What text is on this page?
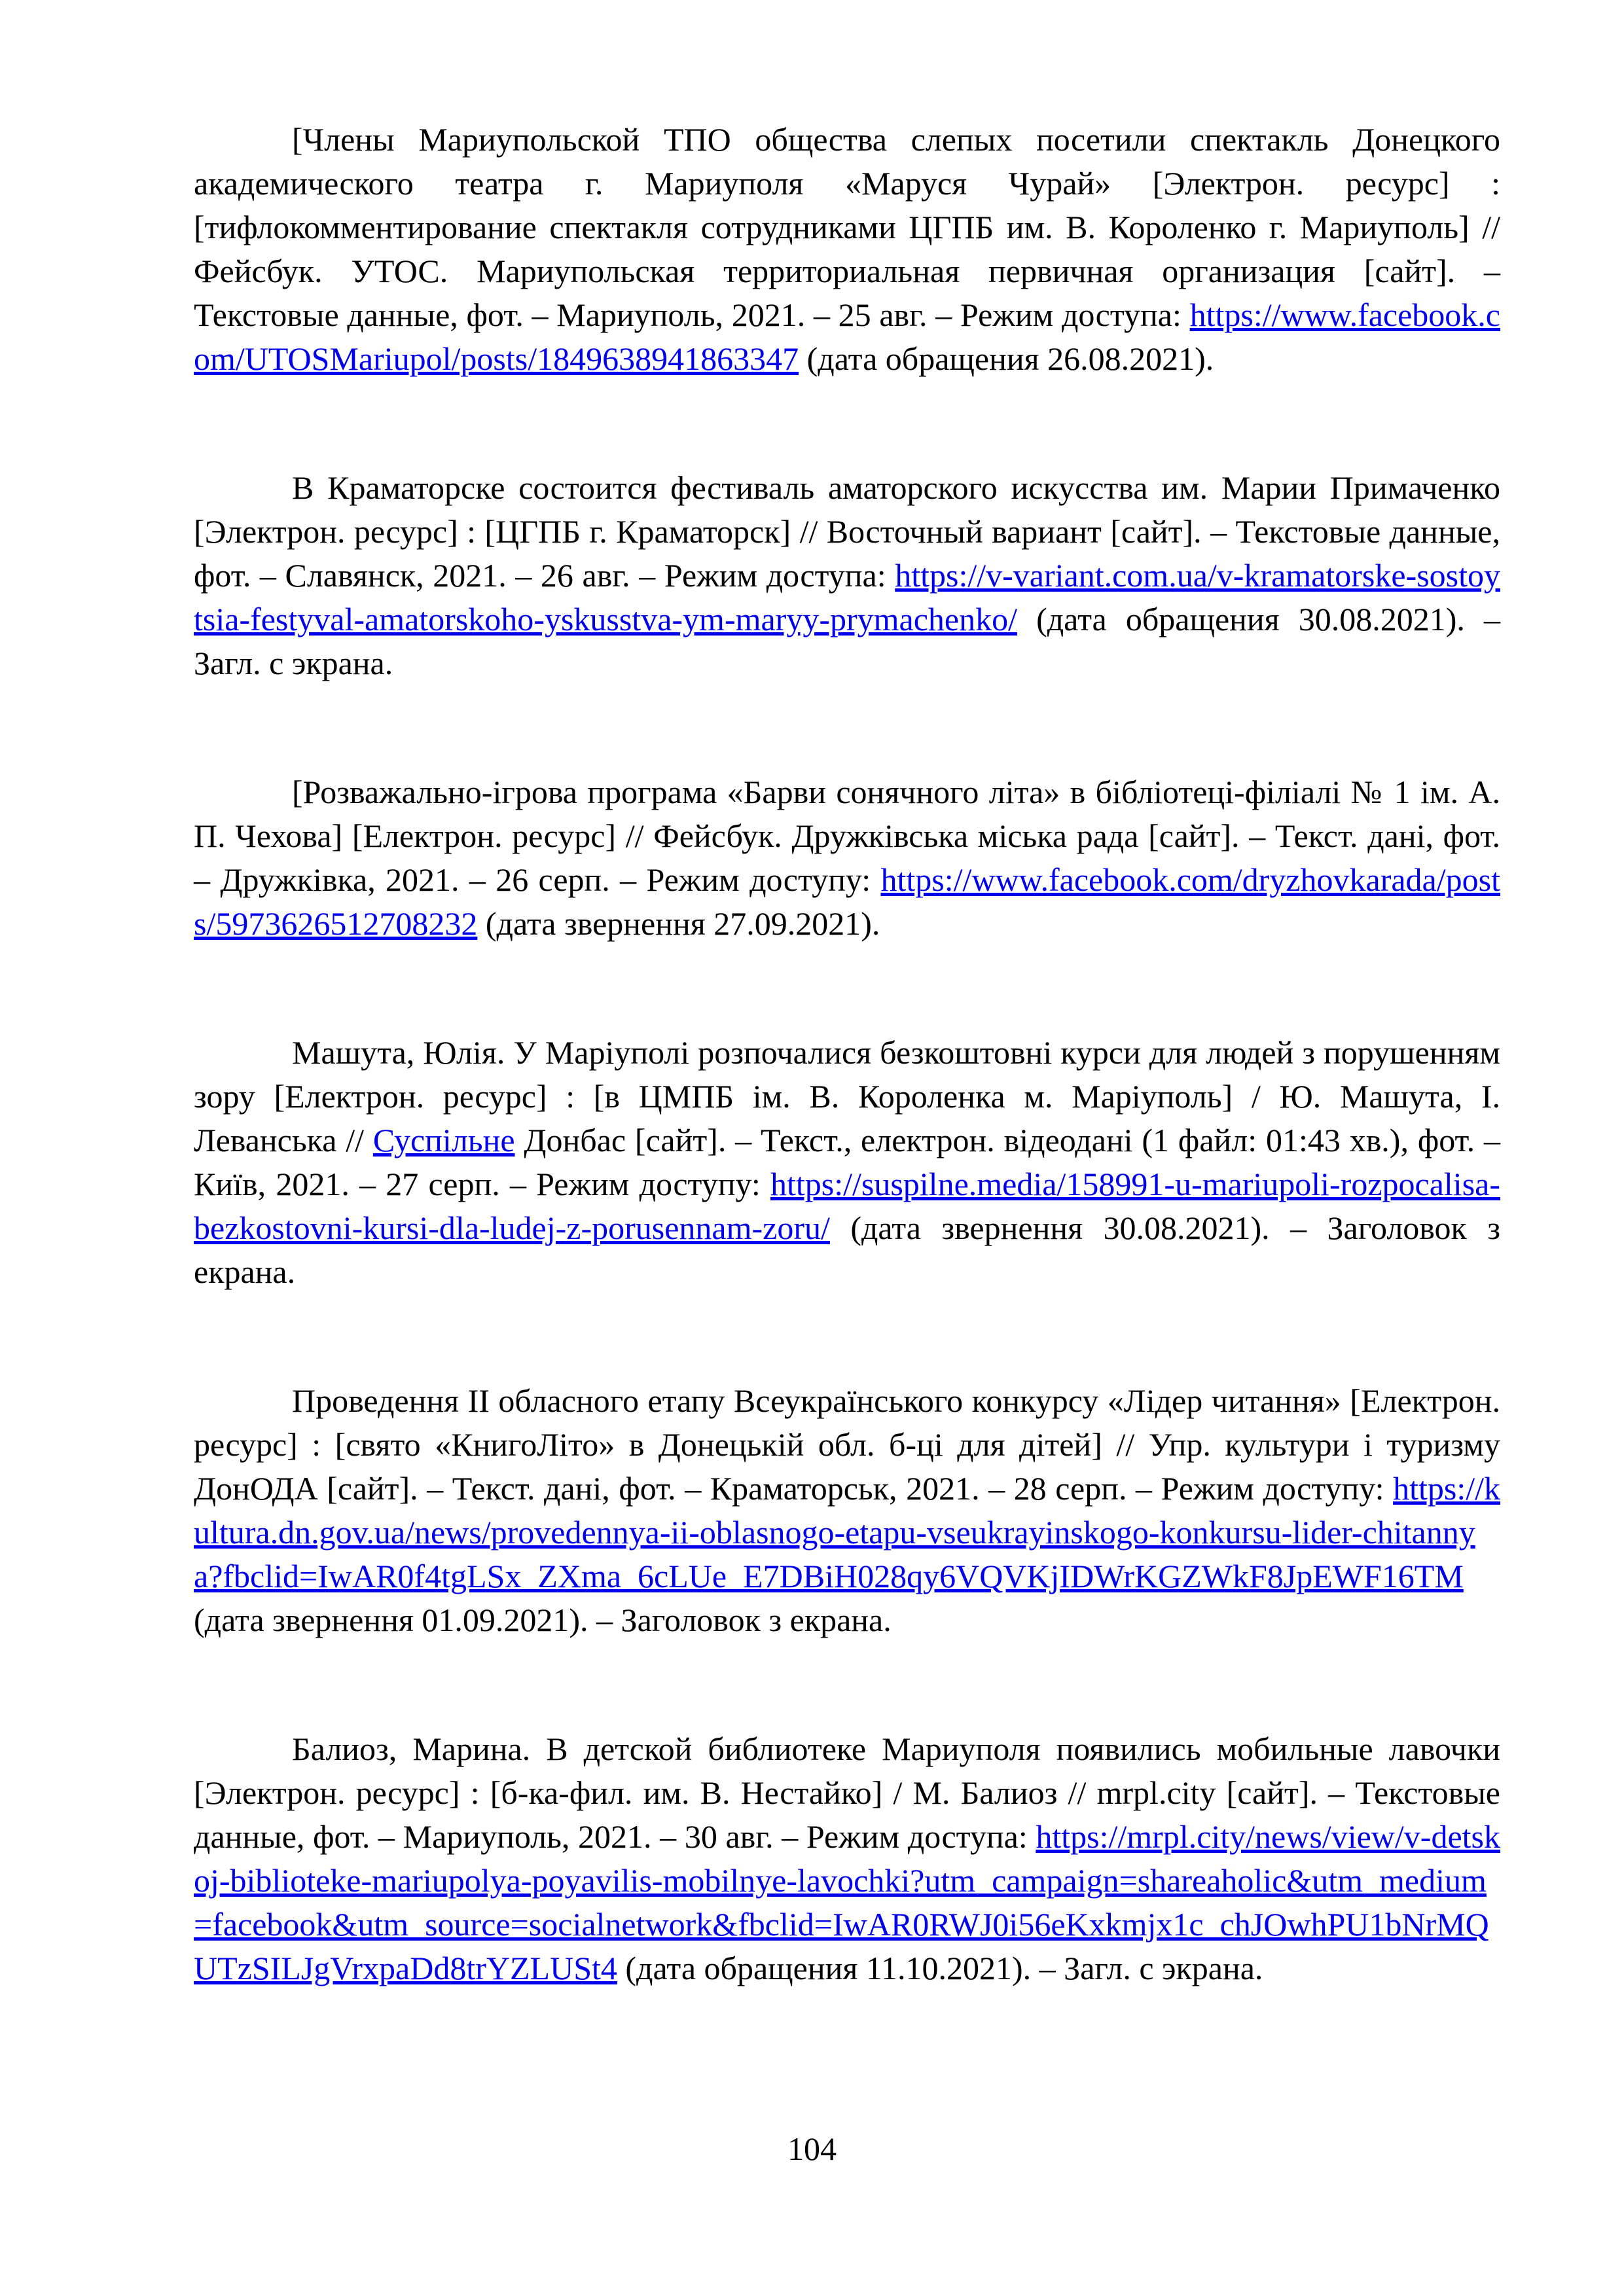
[Члены Мариупольской ТПО общества слепых посетили спектакль Донецкого академического театра г. Мариуполя «Маруся Чурай» [Электрон. ресурс] : [тифлокомментирование спектакля сотрудниками ЦГПБ им. В. Короленко г. Мариуполь] // Фейсбук. УТОС. Мариупольская территориальная первичная организация [сайт]. – Текстовые данные, фот. – Мариуполь, 2021. – 25 авг. – Режим доступа: https://www.facebook.com/UTOSMariupol/posts/1849638941863347 (дата обращения 26.08.2021).

В Краматорске состоится фестиваль аматорского искусства им. Марии Примаченко [Электрон. ресурс] : [ЦГПБ г. Краматорск] // Восточный вариант [сайт]. – Текстовые данные, фот. – Славянск, 2021. – 26 авг. – Режим доступа: https://v-variant.com.ua/v-kramatorske-sostoytsia-festyval-amatorskoho-yskusstva-ym-maryy-prymachenko/ (дата обращения 30.08.2021). – Загл. с экрана.

[Розважально-ігрова програма «Барви сонячного літа» в бібліотеці-філіалі № 1 ім. А. П. Чехова] [Електрон. ресурс] // Фейсбук. Дружківська міська рада [сайт]. – Текст. дані, фот. – Дружківка, 2021. – 26 серп. – Режим доступу: https://www.facebook.com/dryzhovkarada/posts/5973626512708232 (дата звернення 27.09.2021).

Машута, Юлія. У Маріуполі розпочалися безкоштовні курси для людей з порушенням зору [Електрон. ресурс] : [в ЦМПБ ім. В. Короленка м. Маріуполь] / Ю. Машута, І. Леванська // Суспільне Донбас [сайт]. – Текст., електрон. відеодані (1 файл: 01:43 хв.), фот. – Київ, 2021. – 27 серп. – Режим доступу: https://suspilne.media/158991-u-mariupoli-rozpocalisa-bezkostovni-kursi-dla-ludej-z-porusennam-zoru/ (дата звернення 30.08.2021). – Заголовок з екрана.

Проведення II обласного етапу Всеукраїнського конкурсу «Лідер читання» [Електрон. ресурс] : [свято «КнигоЛіто» в Донецькій обл. б-ці для дітей] // Упр. культури і туризму ДонОДА [сайт]. – Текст. дані, фот. – Краматорськ, 2021. – 28 серп. – Режим доступу: https://kultura.dn.gov.ua/news/provedennya-ii-oblasnogo-etapu-vseukrayinskogo-konkursu-lider-chitannya?fbclid=IwAR0f4tgLSx_ZXma_6cLUe_E7DBiH028qy6VQVKjIDWrKGZWkF8JpEWF16TM (дата звернення 01.09.2021). – Заголовок з екрана.

Балиоз, Марина. В детской библиотеке Мариуполя появились мобильные лавочки [Электрон. ресурс] : [б-ка-фил. им. В. Нестайко] / М. Балиоз // mrpl.city [сайт]. – Текстовые данные, фот. – Мариуполь, 2021. – 30 авг. – Режим доступа: https://mrpl.city/news/view/v-detskoj-biblioteke-mariupolya-poyavilis-mobilnye-lavochki?utm_campaign=shareaholic&utm_medium=facebook&utm_source=socialnetwork&fbclid=IwAR0RWJ0i56eKxkmjx1c_chJOwhPU1bNrMQUTzSILJgVrxpaDd8trYZLUSt4 (дата обращения 11.10.2021). – Загл. с экрана.

104
